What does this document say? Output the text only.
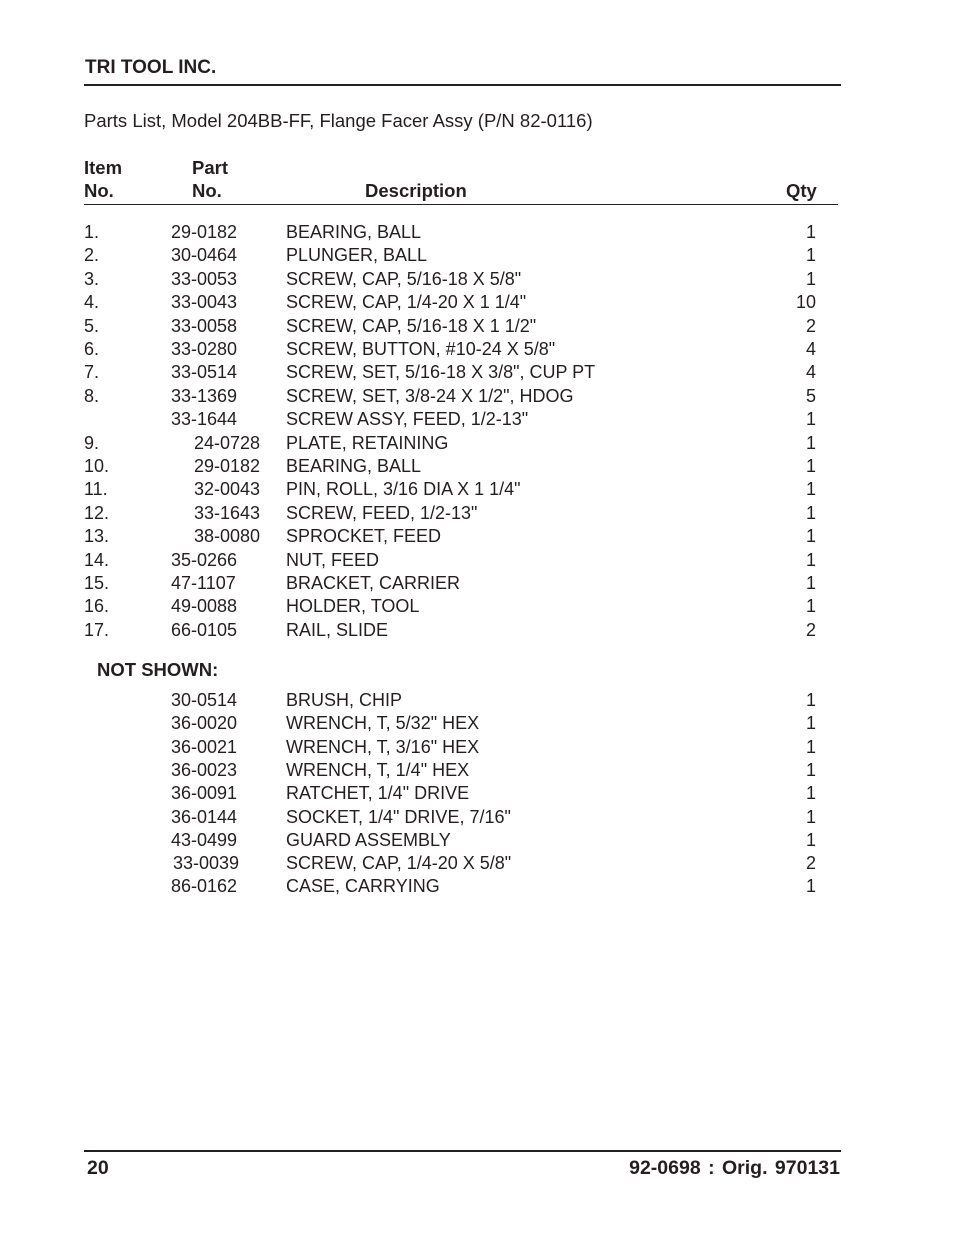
TRI TOOL INC.
Parts List, Model 204BB-FF, Flange Facer Assy (P/N 82-0116)
Item
No.
Part
No.	Description	Qty
1.	29-0182	BEARING, BALL	1
2.	30-0464	PLUNGER, BALL	1
3.	33-0053	SCREW, CAP, 5/16-18 X 5/8"	1
4.	33-0043	SCREW, CAP, 1/4-20 X 1 1/4"	10
5.	33-0058	SCREW, CAP, 5/16-18 X 1 1/2"	2
6.	33-0280	SCREW, BUTTON, #10-24 X 5/8"	4
7.	33-0514	SCREW, SET, 5/16-18 X 3/8", CUP PT	4
8.	33-1369	SCREW, SET, 3/8-24 X 1/2", HDOG	5
33-1644	SCREW ASSY, FEED, 1/2-13"	1
9.	24-0728 PLATE, RETAINING	1
10.	29-0182 BEARING, BALL	1
11.	32-0043 PIN, ROLL, 3/16 DIA X 1 1/4"	1
12.	33-1643 SCREW, FEED, 1/2-13"	1
13.	38-0080 SPROCKET, FEED	1
14.	35-0266	NUT, FEED	1
15.	47-1107	BRACKET, CARRIER	1
16.	49-0088	HOLDER, TOOL	1
17.	66-0105	RAIL, SLIDE	2
NOT SHOWN:
30-0514	BRUSH, CHIP	1
36-0020	WRENCH, T, 5/32" HEX	1
36-0021	WRENCH, T, 3/16" HEX	1
36-0023	WRENCH, T, 1/4" HEX	1
36-0091	RATCHET, 1/4" DRIVE	1
36-0144	SOCKET, 1/4" DRIVE, 7/16"	1
43-0499	GUARD ASSEMBLY	1
33-0039	SCREW, CAP, 1/4-20 X 5/8"	2
86-0162	CASE, CARRYING	1
20	92-0698 : Orig. 970131
